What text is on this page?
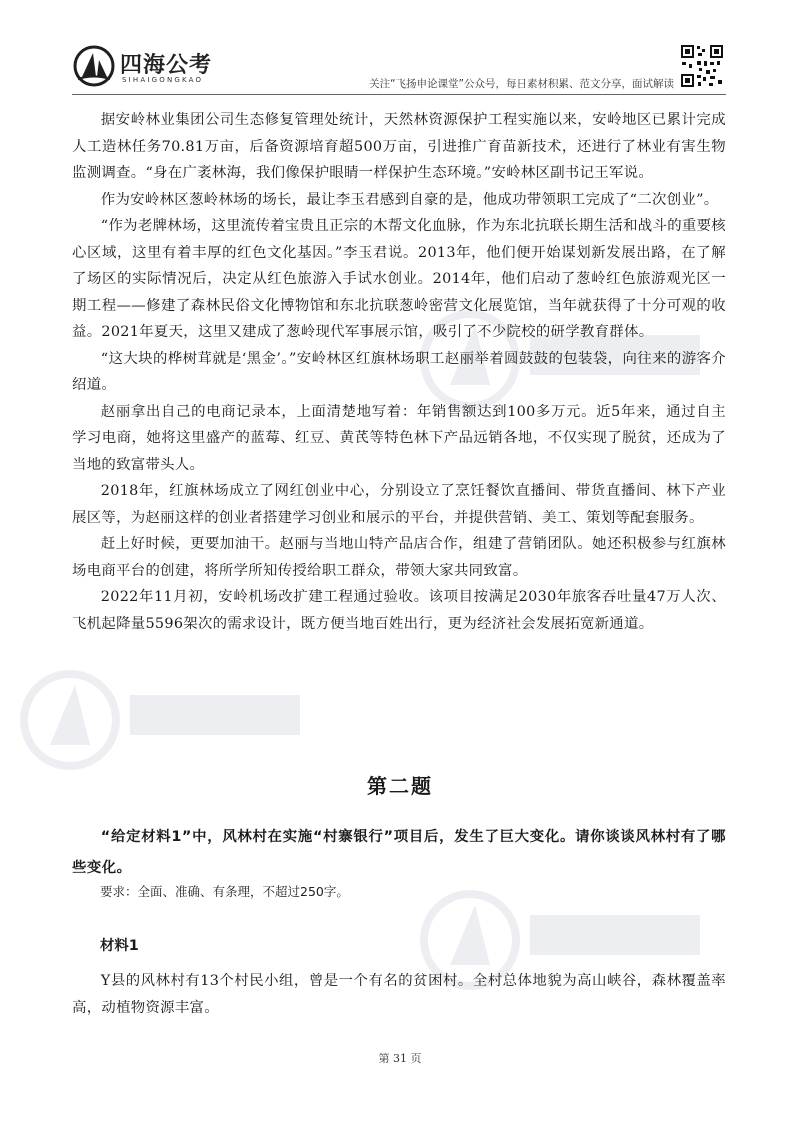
四海公考
SIHAIGONGKAO	关注“飞扬申论课堂”公众号，每日素材积累、范文分享，面试解读

据安岭林业集团公司生态修复管理处统计，天然林资源保护工程实施以来，安岭地区已累计完成人工造林任务70.81万亩，后备资源培育超500万亩，引进推广育苗新技术，还进行了林业有害生物监测调查。“身在广袤林海，我们像保护眼睛一样保护生态环境。”安岭林区副书记王军说。

作为安岭林区葱岭林场的场长，最让李玉君感到自豪的是，他成功带领职工完成了“二次创业”。

“作为老牌林场，这里流传着宝贵且正宗的木帮文化血脉，作为东北抗联长期生活和战斗的重要核心区域，这里有着丰厚的红色文化基因。”李玉君说。2013年，他们便开始谋划新发展出路，在了解了场区的实际情况后，决定从红色旅游入手试水创业。2014年，他们启动了葱岭红色旅游观光区一期工程——修建了森林民俗文化博物馆和东北抗联葱岭密营文化展览馆，当年就获得了十分可观的收益。2021年夏天，这里又建成了葱岭现代军事展示馆，吸引了不少院校的研学教育群体。

“这大块的桦树茸就是‘黑金’。”安岭林区红旗林场职工赵丽举着圆鼓鼓的包装袋，向往来的游客介绍道。

赵丽拿出自己的电商记录本，上面清楚地写着：年销售额达到100多万元。近5年来，通过自主学习电商，她将这里盛产的蓝莓、红豆、黄芪等特色林下产品远销各地，不仅实现了脱贫，还成为了当地的致富带头人。

2018年，红旗林场成立了网红创业中心，分别设立了烹饪餐饮直播间、带货直播间、林下产业展区等，为赵丽这样的创业者搭建学习创业和展示的平台，并提供营销、美工、策划等配套服务。

赶上好时候，更要加油干。赵丽与当地山特产品店合作，组建了营销团队。她还积极参与红旗林场电商平台的创建，将所学所知传授给职工群众，带领大家共同致富。

2022年11月初，安岭机场改扩建工程通过验收。该项目按满足2030年旅客吞吐量47万人次、飞机起降量5596架次的需求设计，既方便当地百姓出行，更为经济社会发展拓宽新通道。

第二题

“给定材料1”中，风林村在实施“村寨银行”项目后，发生了巨大变化。请你谈谈风林村有了哪些变化。

要求：全面、准确、有条理，不超过250字。

材料1

Y县的风林村有13个村民小组，曾是一个有名的贫困村。全村总体地貌为高山峡谷，森林覆盖率高，动植物资源丰富。

第 31 页
